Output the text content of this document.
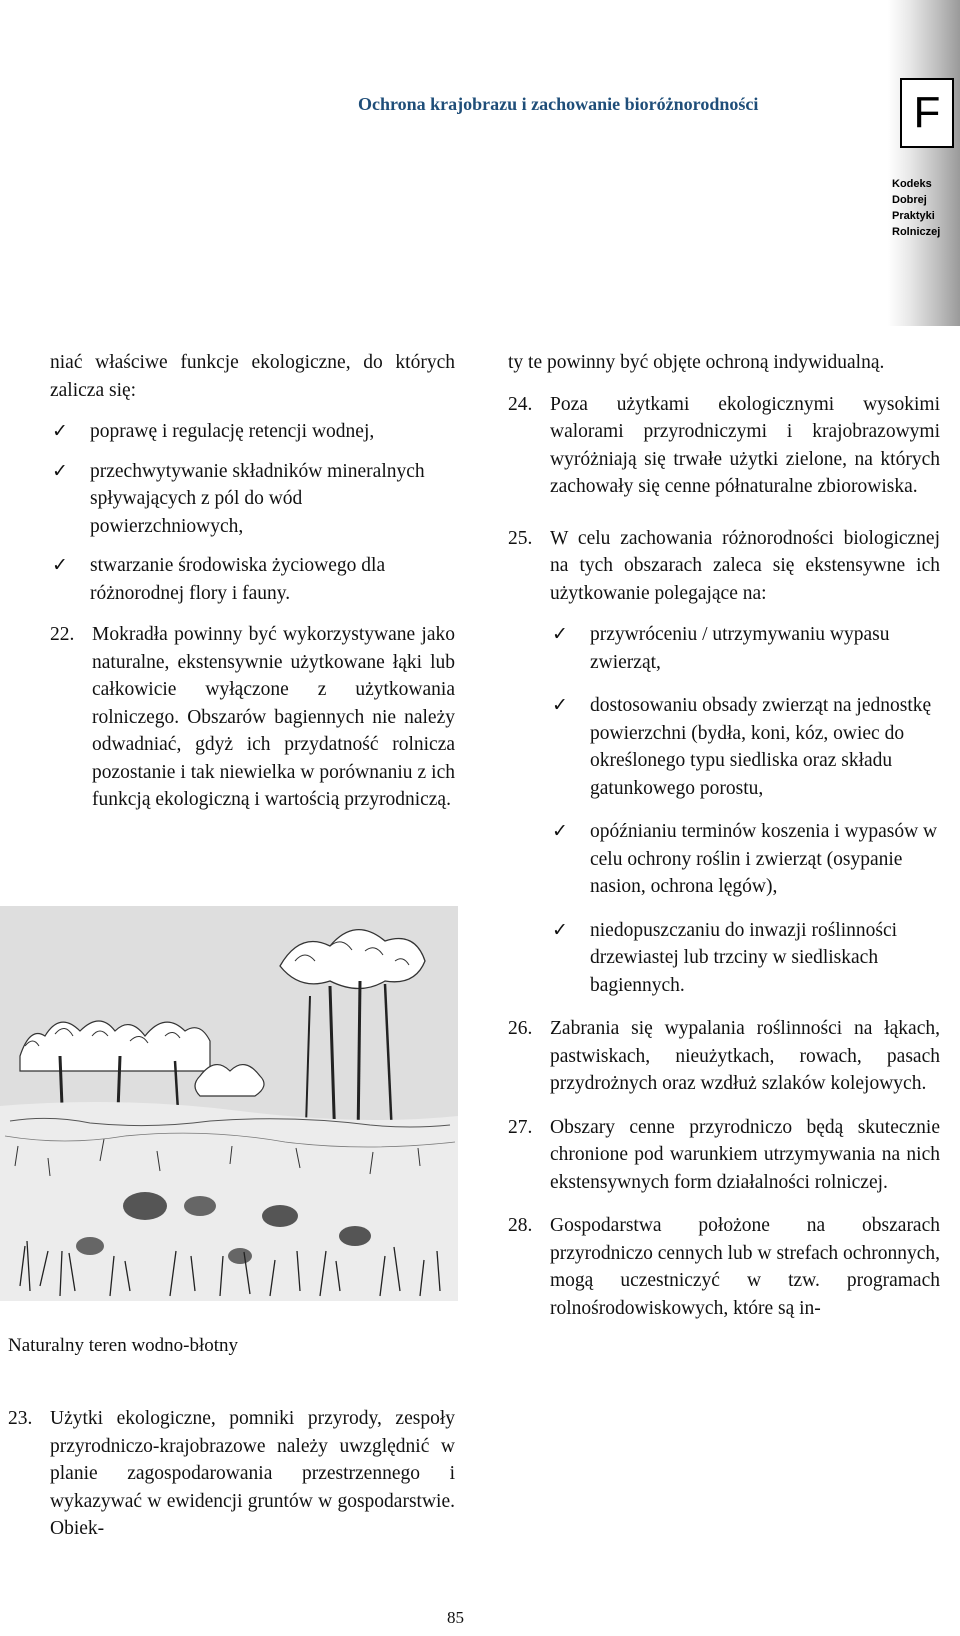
Ochrona krajobrazu i zachowanie bioróżnorodności	F
Kodeks
Dobrej
Praktyki
Rolniczej

niać właściwe funkcje ekologiczne, do których zalicza się:

✓ poprawę i regulację retencji wodnej,
✓ przechwytywanie składników mineralnych spływających z pól do wód powierzchniowych,
✓ stwarzanie środowiska życiowego dla różnorodnej flory i fauny.
22. Mokradła powinny być wykorzystywane jako naturalne, ekstensywnie użytkowane łąki lub całkowicie wyłączone z użytkowania rolniczego. Obszarów bagiennych nie należy odwadniać, gdyż ich przydatność rolnicza pozostanie i tak niewielka w porównaniu z ich funkcją ekologiczną i wartością przyrodniczą.
Naturalny teren wodno-błotny
23. Użytki ekologiczne, pomniki przyrody, zespoły przyrodniczo-krajobrazowe należy uwzględnić w planie zagospodarowania przestrzennego i wykazywać w ewidencji gruntów w gospodarstwie. Obiek-

ty te powinny być objęte ochroną indywidualną.

24. Poza użytkami ekologicznymi wysokimi walorami przyrodniczymi i krajobrazowymi wyróżniają się trwałe użytki zielone, na których zachowały się cenne półnaturalne zbiorowiska.
25. W celu zachowania różnorodności biologicznej na tych obszarach zaleca się ekstensywne ich użytkowanie polegające na:
✓ przywróceniu / utrzymywaniu wypasu zwierząt,
✓ dostosowaniu obsady zwierząt na jednostkę powierzchni (bydła, koni, kóz, owiec do określonego typu siedliska oraz składu gatunkowego porostu,
✓ opóźnianiu terminów koszenia i wypasów w celu ochrony roślin i zwierząt (osypanie nasion, ochrona lęgów),
✓ niedopuszczaniu do inwazji roślinności drzewiastej lub trzciny w siedliskach bagiennych.
26. Zabrania się wypalania roślinności na łąkach, pastwiskach, nieużytkach, rowach, pasach przydrożnych oraz wzdłuż szlaków kolejowych.
27. Obszary cenne przyrodniczo będą skutecznie chronione pod warunkiem utrzymywania na nich ekstensywnych form działalności rolniczej.
28. Gospodarstwa położone na obszarach przyrodniczo cennych lub w strefach ochronnych, mogą uczestniczyć w tzw. programach rolnośrodowiskowych, które są in-
85
